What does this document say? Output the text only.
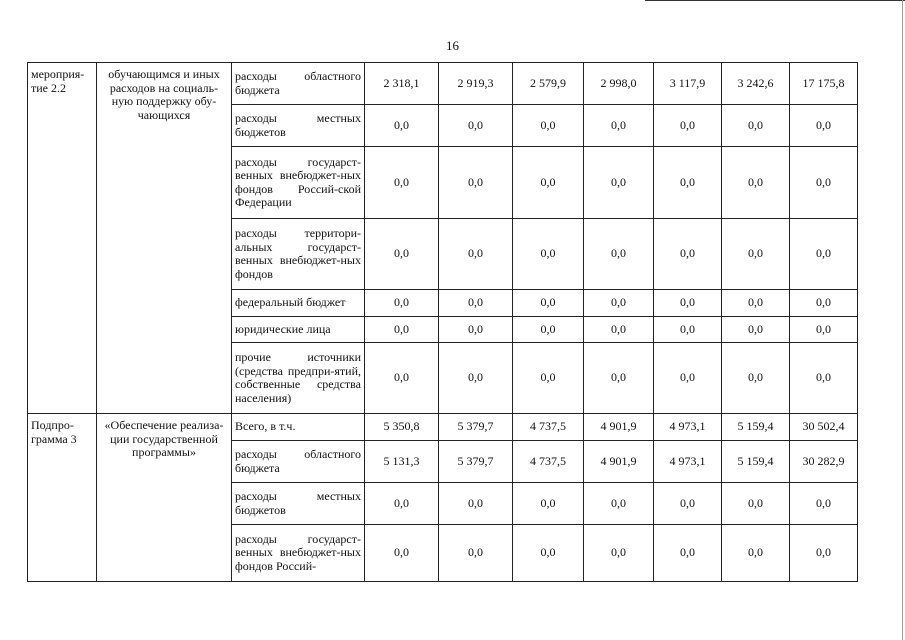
16
мероприя-тие 2.2	обучающимся и иных расходов на социаль-ную поддержку обу-чающихся	расходы областного бюджета	2 318,1	2 919,3	2 579,9	2 998,0	3 117,9	3 242,6	17 175,8
		расходы местных бюджетов	0,0	0,0	0,0	0,0	0,0	0,0	0,0
		расходы государст-венных внебюджет-ных фондов Россий-ской Федерации	0,0	0,0	0,0	0,0	0,0	0,0	0,0
		расходы территори-альных государст-венных внебюджет-ных фондов	0,0	0,0	0,0	0,0	0,0	0,0	0,0
		федеральный бюджет	0,0	0,0	0,0	0,0	0,0	0,0	0,0
		юридические лица	0,0	0,0	0,0	0,0	0,0	0,0	0,0
		прочие источники (средства предпри-ятий, собственные средства населения)	0,0	0,0	0,0	0,0	0,0	0,0	0,0
Подпро-грамма 3	«Обеспечение реализа-ции государственной программы»	Всего, в т.ч.	5 350,8	5 379,7	4 737,5	4 901,9	4 973,1	5 159,4	30 502,4
		расходы областного бюджета	5 131,3	5 379,7	4 737,5	4 901,9	4 973,1	5 159,4	30 282,9
		расходы местных бюджетов	0,0	0,0	0,0	0,0	0,0	0,0	0,0
		расходы государст-венных внебюджет-ных фондов Россий-	0,0	0,0	0,0	0,0	0,0	0,0	0,0
